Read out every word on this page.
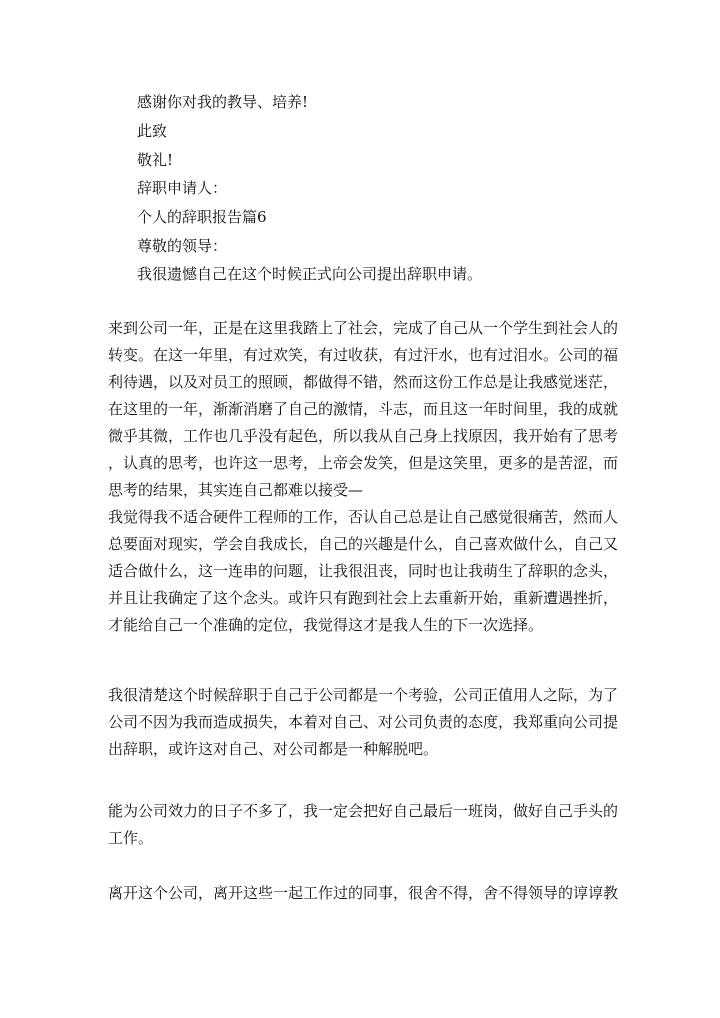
感谢你对我的教导、培养!
此致
敬礼!
辞职申请人：
个人的辞职报告篇6
尊敬的领导：
我很遗憾自己在这个时候正式向公司提出辞职申请。
来到公司一年，正是在这里我踏上了社会，完成了自己从一个学生到社会人的
转变。在这一年里，有过欢笑，有过收获，有过汗水，也有过泪水。公司的福
利待遇，以及对员工的照顾，都做得不错，然而这份工作总是让我感觉迷茫，
在这里的一年，渐渐消磨了自己的激情，斗志，而且这一年时间里，我的成就
微乎其微，工作也几乎没有起色，所以我从自己身上找原因，我开始有了思考
，认真的思考，也许这一思考，上帝会发笑，但是这笑里，更多的是苦涩，而
思考的结果，其实连自己都难以接受—
我觉得我不适合硬件工程师的工作，否认自己总是让自己感觉很痛苦，然而人
总要面对现实，学会自我成长，自己的兴趣是什么，自己喜欢做什么，自己又
适合做什么，这一连串的问题，让我很沮丧，同时也让我萌生了辞职的念头，
并且让我确定了这个念头。或许只有跑到社会上去重新开始，重新遭遇挫折，
才能给自己一个准确的定位，我觉得这才是我人生的下一次选择。
我很清楚这个时候辞职于自己于公司都是一个考验，公司正值用人之际，为了
公司不因为我而造成损失，本着对自己、对公司负责的态度，我郑重向公司提
出辞职，或许这对自己、对公司都是一种解脱吧。
能为公司效力的日子不多了，我一定会把好自己最后一班岗，做好自己手头的
工作。
离开这个公司，离开这些一起工作过的同事，很舍不得，舍不得领导的谆谆教
